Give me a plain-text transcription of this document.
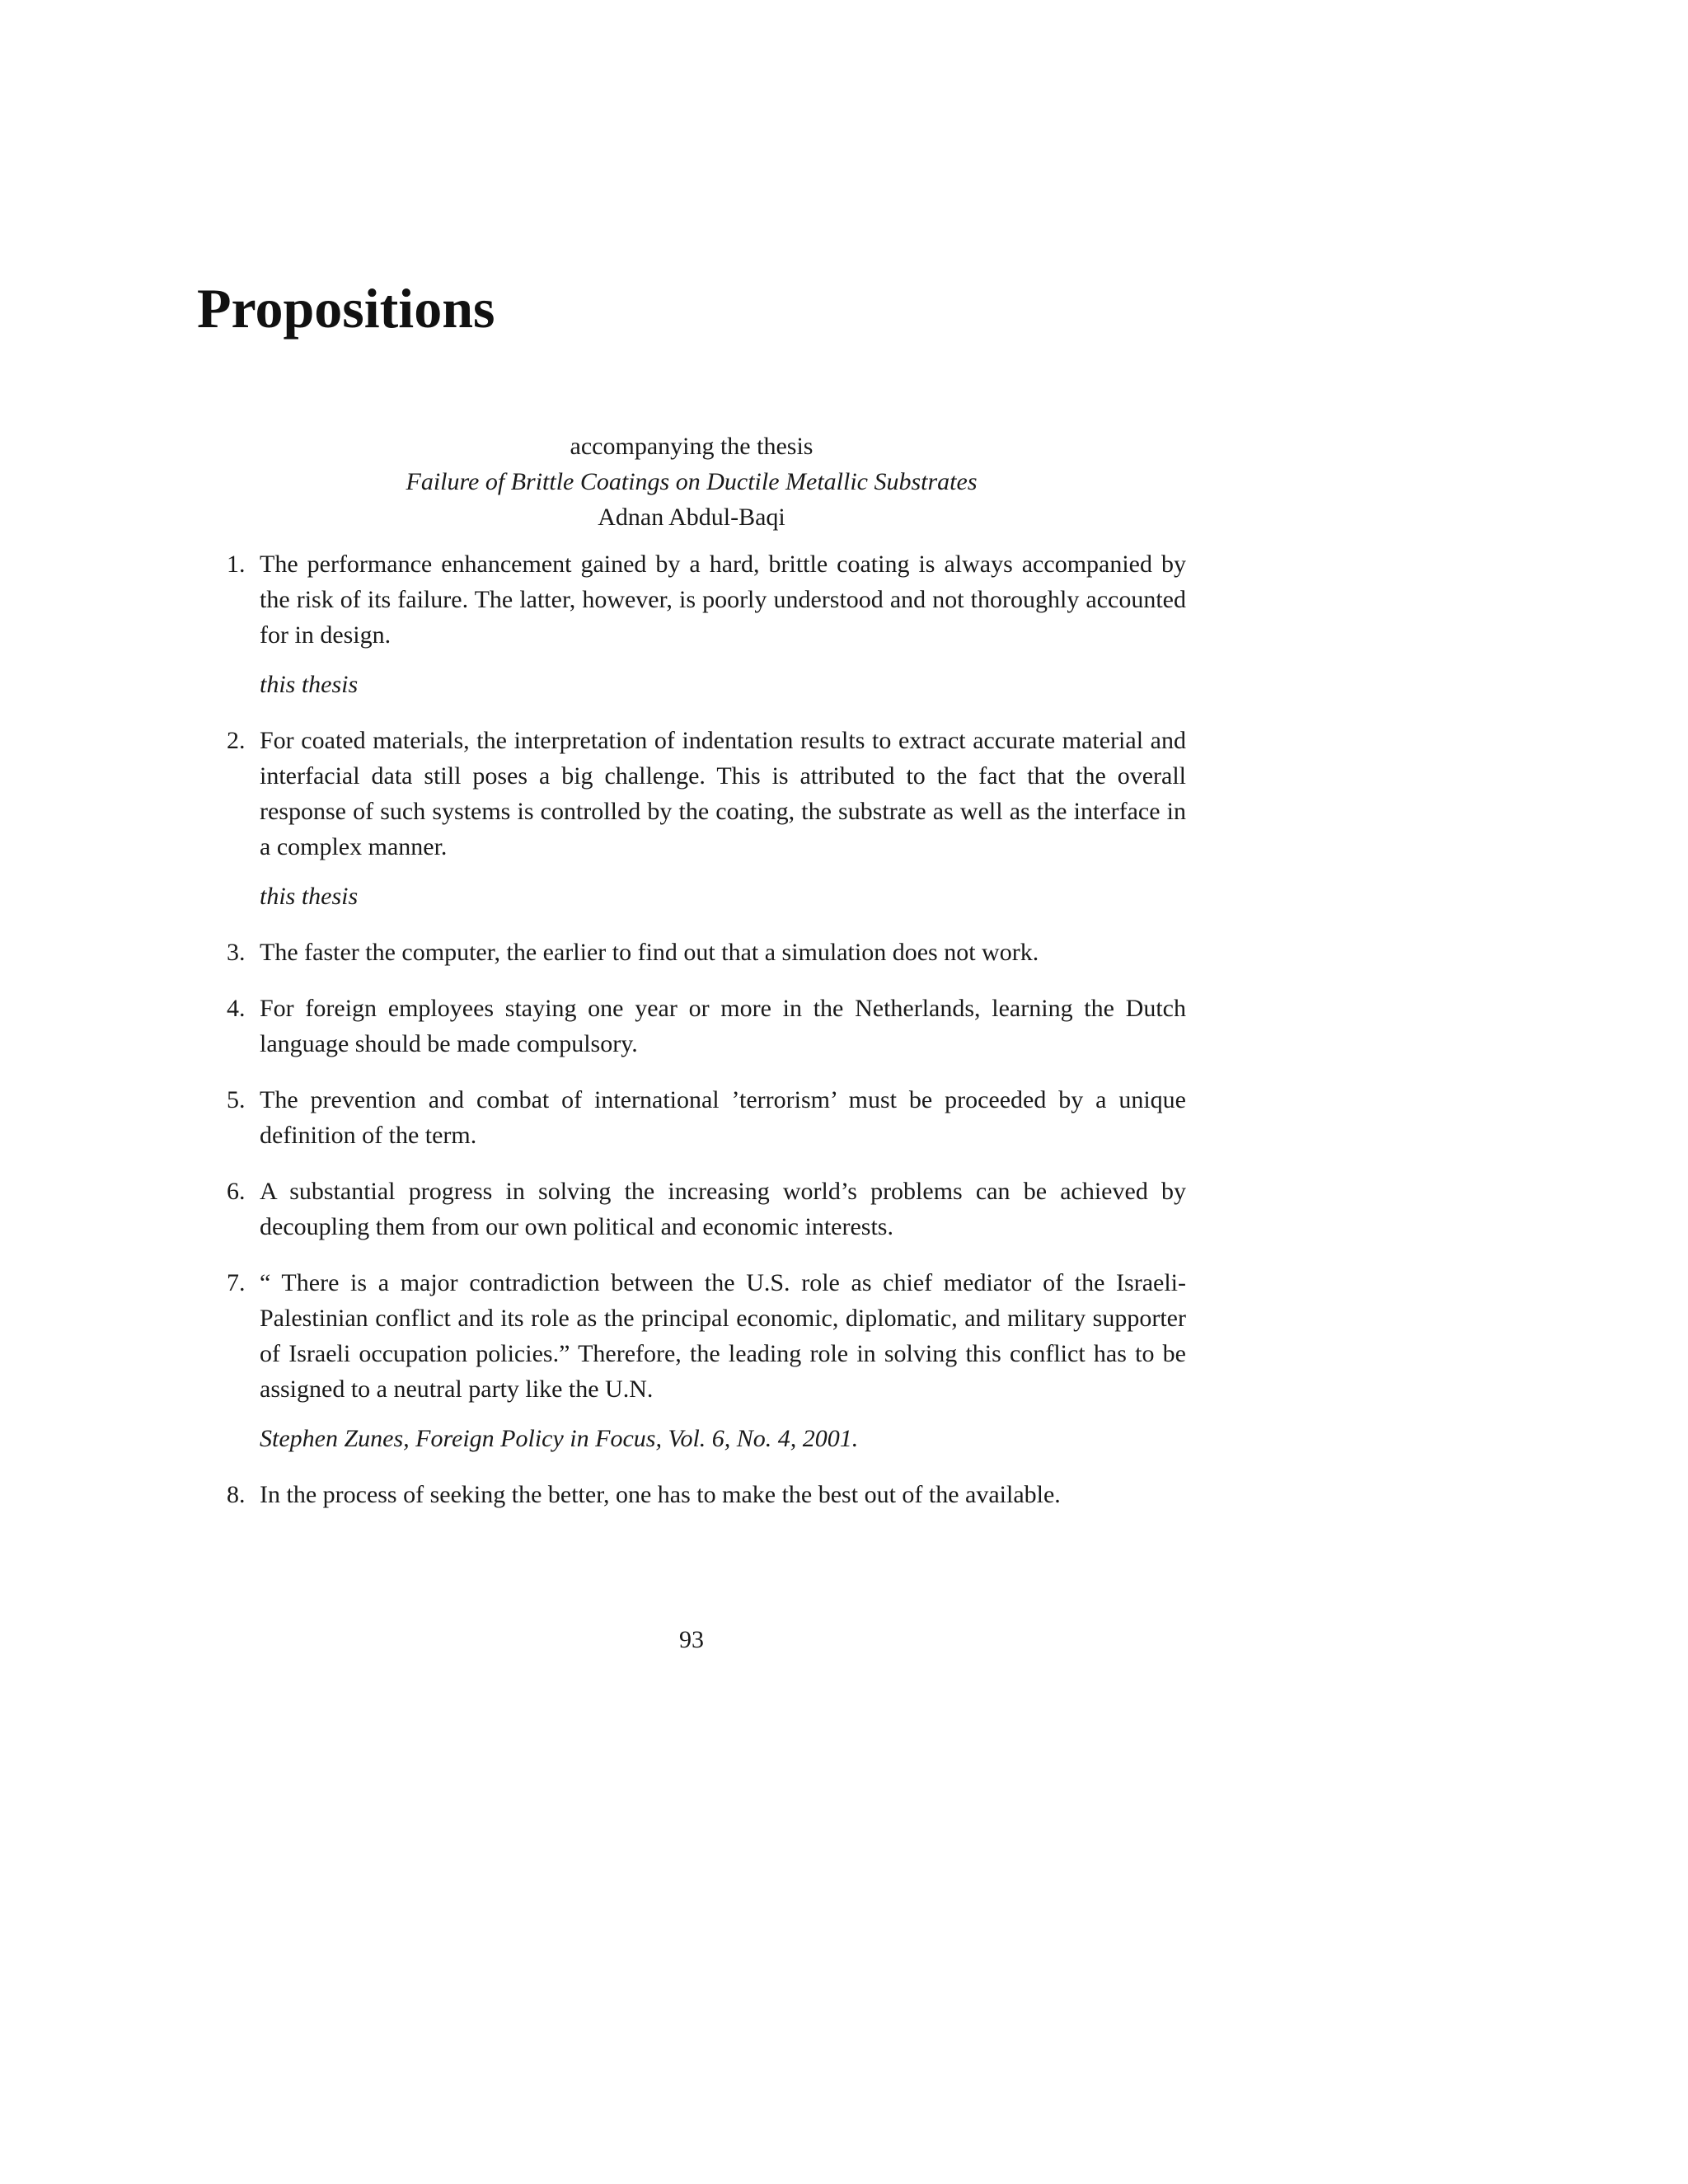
Propositions
accompanying the thesis
Failure of Brittle Coatings on Ductile Metallic Substrates
Adnan Abdul-Baqi
1. The performance enhancement gained by a hard, brittle coating is always accompanied by the risk of its failure. The latter, however, is poorly understood and not thoroughly accounted for in design.
this thesis
2. For coated materials, the interpretation of indentation results to extract accurate material and interfacial data still poses a big challenge. This is attributed to the fact that the overall response of such systems is controlled by the coating, the substrate as well as the interface in a complex manner.
this thesis
3. The faster the computer, the earlier to find out that a simulation does not work.
4. For foreign employees staying one year or more in the Netherlands, learning the Dutch language should be made compulsory.
5. The prevention and combat of international ’terrorism’ must be proceeded by a unique definition of the term.
6. A substantial progress in solving the increasing world’s problems can be achieved by decoupling them from our own political and economic interests.
7. “ There is a major contradiction between the U.S. role as chief mediator of the Israeli-Palestinian conflict and its role as the principal economic, diplomatic, and military supporter of Israeli occupation policies.” Therefore, the leading role in solving this conflict has to be assigned to a neutral party like the U.N.
Stephen Zunes, Foreign Policy in Focus, Vol. 6, No. 4, 2001.
8. In the process of seeking the better, one has to make the best out of the available.
93
